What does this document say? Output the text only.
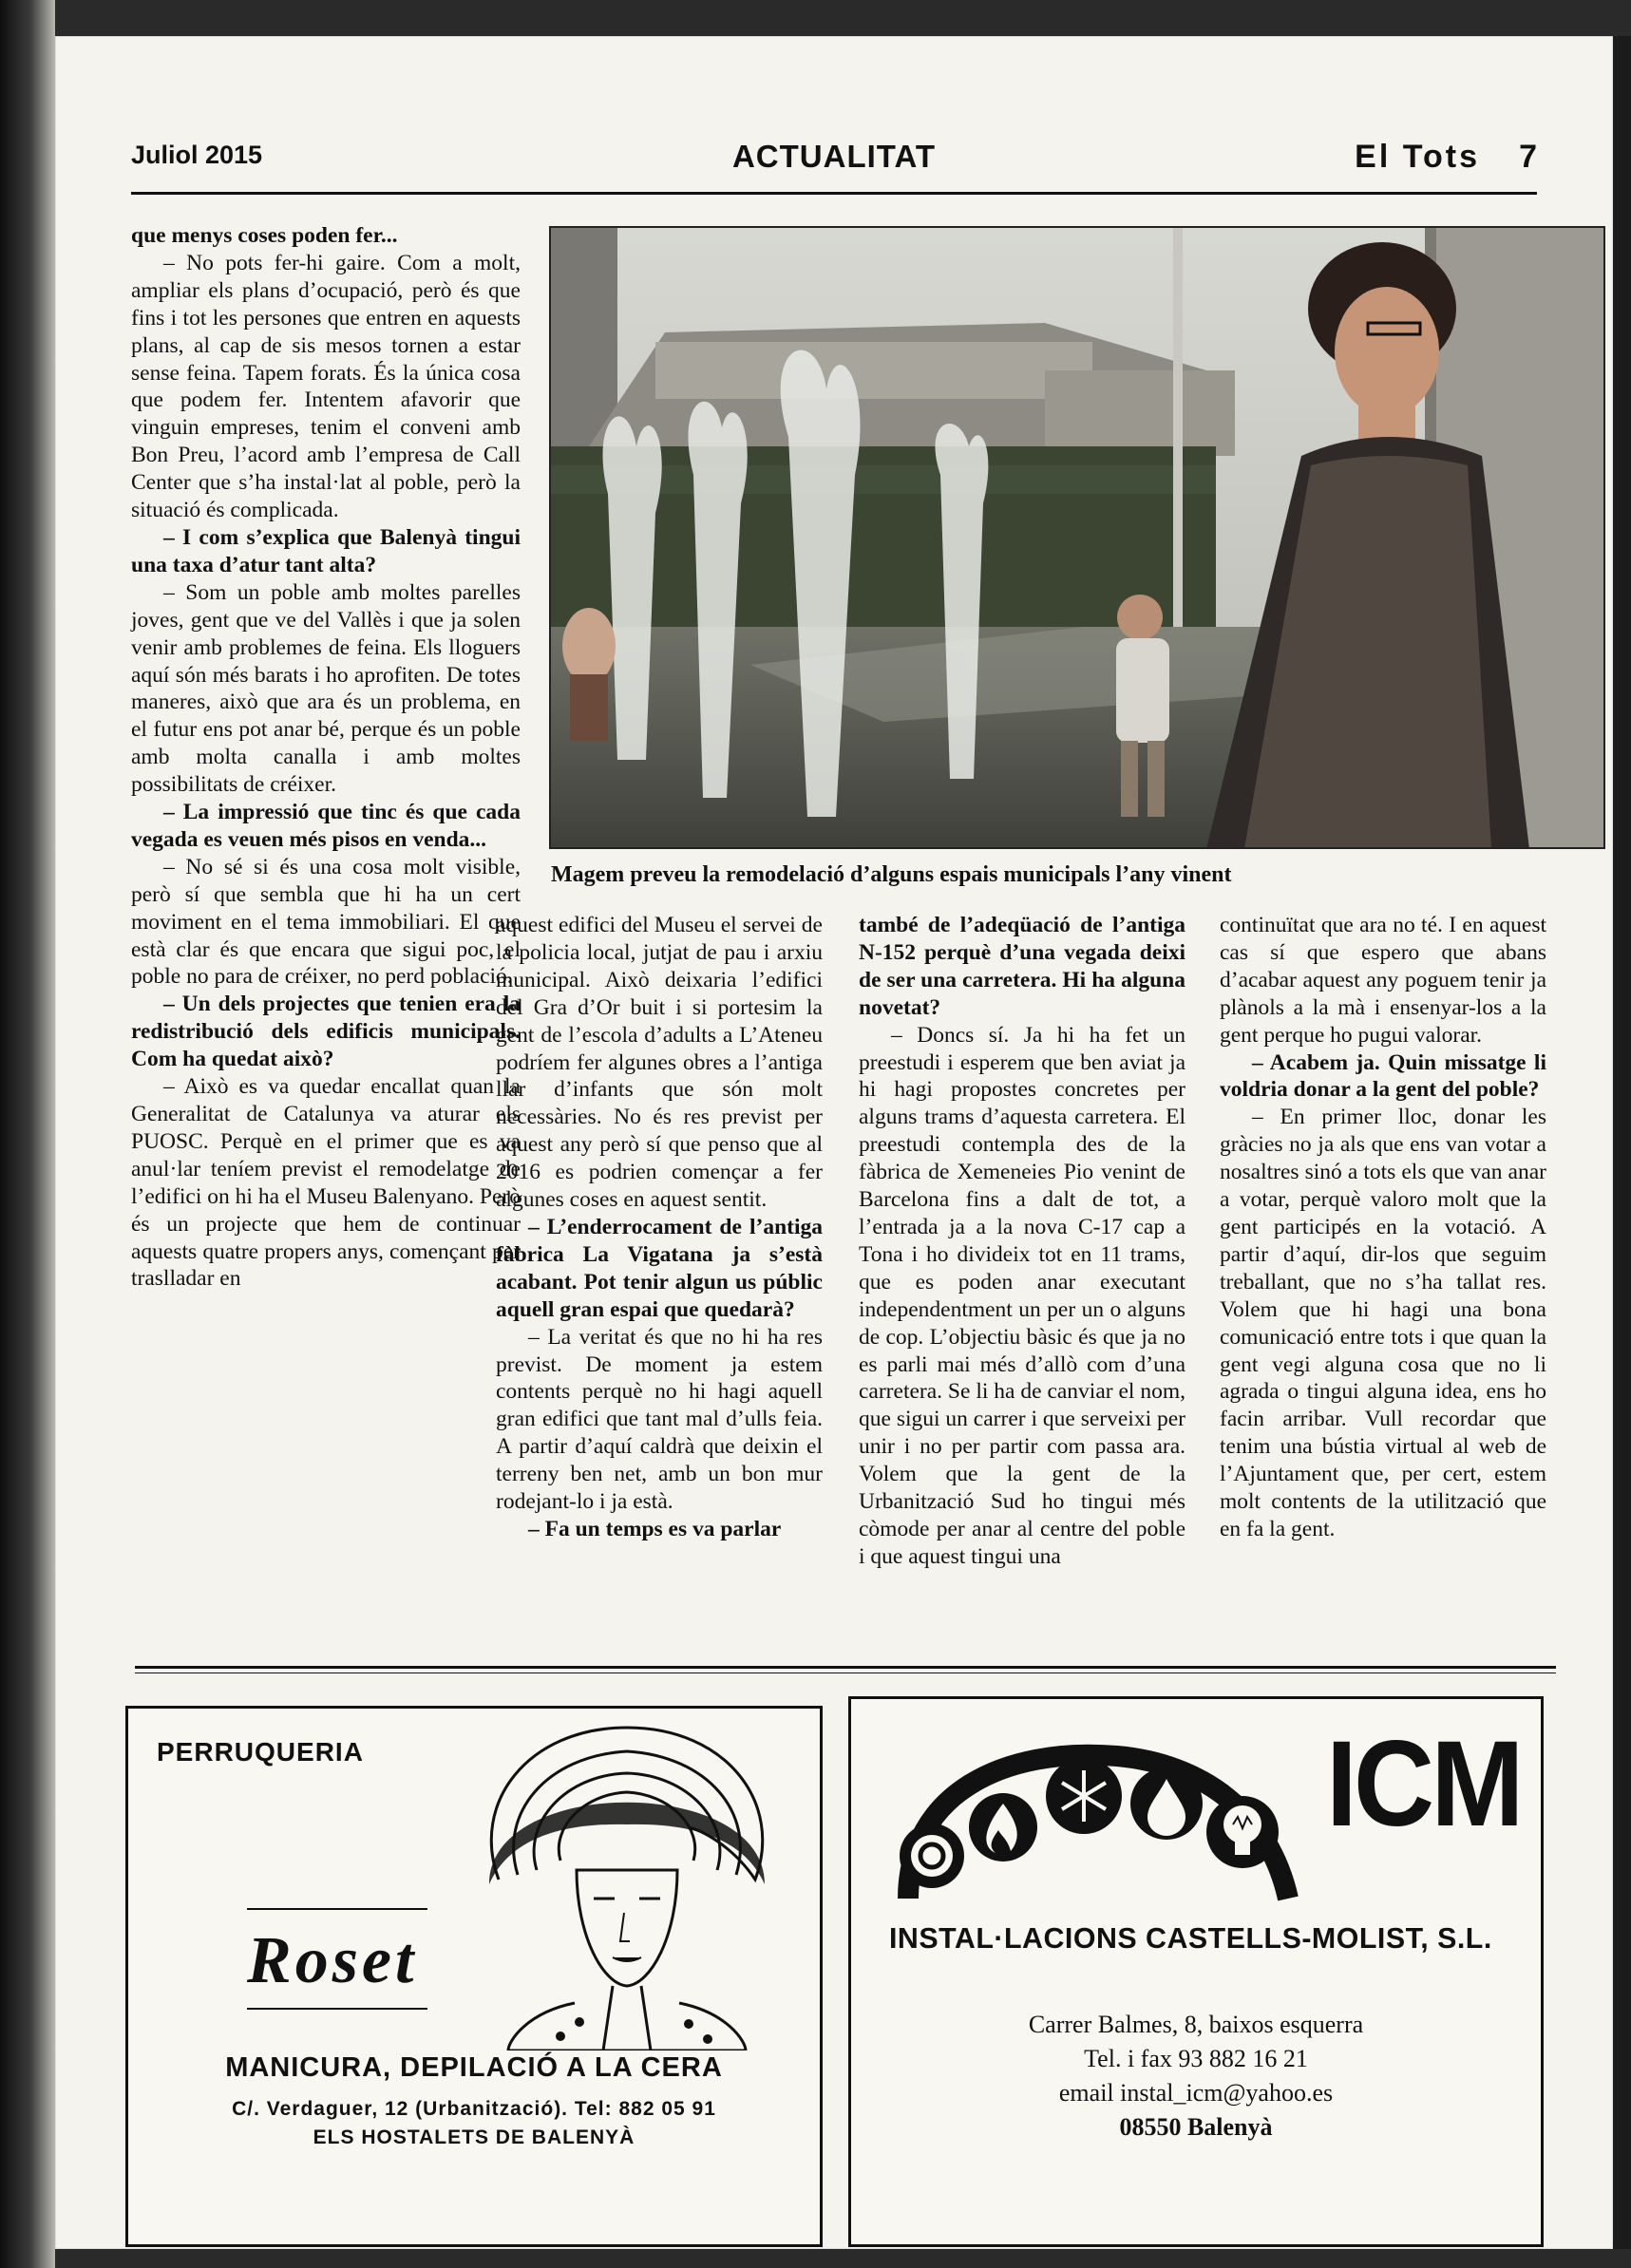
Juliol 2015	ACTUALITAT	El Tots 7

que menys coses poden fer...

– No pots fer-hi gaire. Com a molt, ampliar els plans d’ocupació, però és que fins i tot les persones que entren en aquests plans, al cap de sis mesos tornen a estar sense feina. Tapem forats. És la única cosa que podem fer. Intentem afavorir que vinguin empreses, tenim el conveni amb Bon Preu, l’acord amb l’empresa de Call Center que s’ha instal·lat al poble, però la situació és complicada.

– I com s’explica que Balenyà tingui una taxa d’atur tant alta?

– Som un poble amb moltes parelles joves, gent que ve del Vallès i que ja solen venir amb problemes de feina. Els lloguers aquí són més barats i ho aprofiten. De totes maneres, això que ara és un problema, en el futur ens pot anar bé, perque és un poble amb molta canalla i amb moltes possibilitats de créixer.

– La impressió que tinc és que cada vegada es veuen més pisos en venda...

– No sé si és una cosa molt visible, però sí que sembla que hi ha un cert moviment en el tema immobiliari. El que està clar és que encara que sigui poc, el poble no para de créixer, no perd població.

– Un dels projectes que tenien era la redistribució dels edificis municipals. Com ha quedat això?

– Això es va quedar encallat quan la Generalitat de Catalunya va aturar els PUOSC. Perquè en el primer que es va anul·lar teníem previst el remodelatge de l’edifici on hi ha el Museu Balenyano. Però és un projecte que hem de continuar aquests quatre propers anys, començant per traslladar en

Magem preveu la remodelació d’alguns espais municipals l’any vinent

aquest edifici del Museu el servei de la policia local, jutjat de pau i arxiu municipal. Això deixaria l’edifici del Gra d’Or buit i si portesim la gent de l’escola d’adults a L’Ateneu podríem fer algunes obres a l’antiga llar d’infants que són molt necessàries. No és res previst per aquest any però sí que penso que al 2016 es podrien començar a fer algunes coses en aquest sentit.

– L’enderrocament de l’antiga fàbrica La Vigatana ja s’està acabant. Pot tenir algun us públic aquell gran espai que quedarà?

– La veritat és que no hi ha res previst. De moment ja estem contents perquè no hi hagi aquell gran edifici que tant mal d’ulls feia. A partir d’aquí caldrà que deixin el terreny ben net, amb un bon mur rodejant-lo i ja està.

– Fa un temps es va parlar

també de l’adeqüació de l’antiga N-152 perquè d’una vegada deixi de ser una carretera. Hi ha alguna novetat?

– Doncs sí. Ja hi ha fet un preestudi i esperem que ben aviat ja hi hagi propostes concretes per alguns trams d’aquesta carretera. El preestudi contempla des de la fàbrica de Xemeneies Pio venint de Barcelona fins a dalt de tot, a l’entrada ja a la nova C-17 cap a Tona i ho divideix tot en 11 trams, que es poden anar executant independentment un per un o alguns de cop. L’objectiu bàsic és que ja no es parli mai més d’allò com d’una carretera. Se li ha de canviar el nom, que sigui un carrer i que serveixi per unir i no per partir com passa ara. Volem que la gent de la Urbanització Sud ho tingui més còmode per anar al centre del poble i que aquest tingui una

continuïtat que ara no té. I en aquest cas sí que espero que abans d’acabar aquest any poguem tenir ja plànols a la mà i ensenyar-los a la gent perque ho pugui valorar.

– Acabem ja. Quin missatge li voldria donar a la gent del poble?

– En primer lloc, donar les gràcies no ja als que ens van votar a nosaltres sinó a tots els que van anar a votar, perquè valoro molt que la gent participés en la votació. A partir d’aquí, dir-los que seguim treballant, que no s’ha tallat res. Volem que hi hagi una bona comunicació entre tots i que quan la gent vegi alguna cosa que no li agrada o tingui alguna idea, ens ho facin arribar. Vull recordar que tenim una bústia virtual al web de l’Ajuntament que, per cert, estem molt contents de la utilització que en fa la gent.

PERRUQUERIA
Roset
MANICURA, DEPILACIÓ A LA CERA
C/. Verdaguer, 12 (Urbanització). Tel: 882 05 91
ELS HOSTALETS DE BALENYÀ
ICM
INSTAL·LACIONS CASTELLS-MOLIST, S.L.
Carrer Balmes, 8, baixos esquerra
Tel. i fax 93 882 16 21
email instal_icm@yahoo.es
08550 Balenyà
